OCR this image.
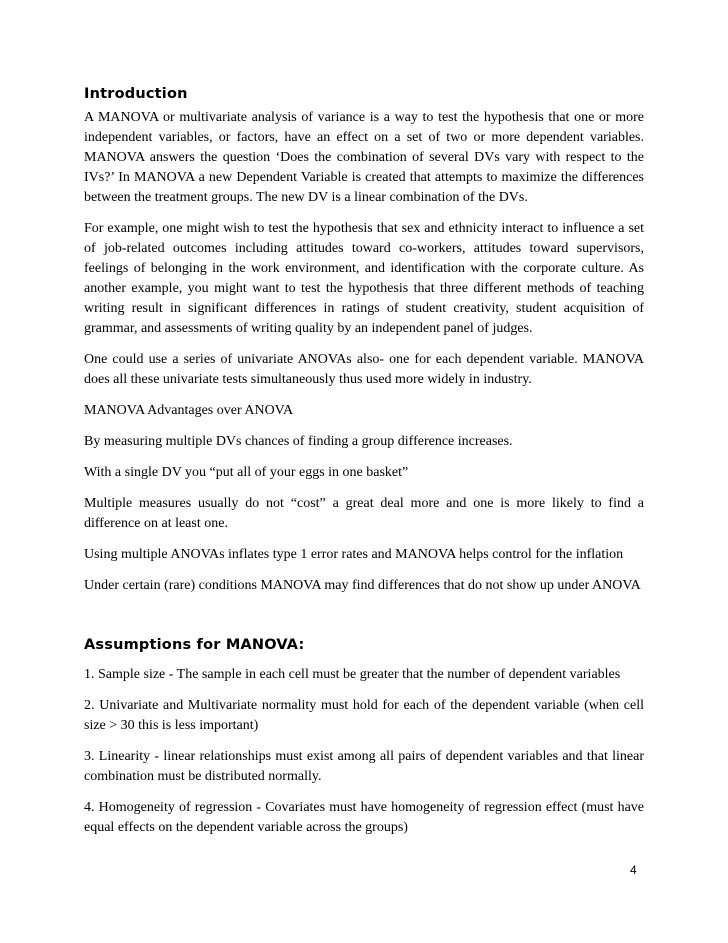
Introduction

A MANOVA or multivariate analysis of variance is a way to test the hypothesis that one or more independent variables, or factors, have an effect on a set of two or more dependent variables. MANOVA answers the question ‘Does the combination of several DVs vary with respect to the IVs?’ In MANOVA a new Dependent Variable is created that attempts to maximize the differences between the treatment groups. The new DV is a linear combination of the DVs.

For example, one might wish to test the hypothesis that sex and ethnicity interact to influence a set of job-related outcomes including attitudes toward co-workers, attitudes toward supervisors, feelings of belonging in the work environment, and identification with the corporate culture. As another example, you might want to test the hypothesis that three different methods of teaching writing result in significant differences in ratings of student creativity, student acquisition of grammar, and assessments of writing quality by an independent panel of judges.

One could use a series of univariate ANOVAs also- one for each dependent variable. MANOVA does all these univariate tests simultaneously thus used more widely in industry.

MANOVA Advantages over ANOVA

By measuring multiple DVs chances of finding a group difference increases.

With a single DV you “put all of your eggs in one basket”

Multiple measures usually do not “cost” a great deal more and one is more likely to find a difference on at least one.

Using multiple ANOVAs inflates type 1 error rates and MANOVA helps control for the inflation

Under certain (rare) conditions MANOVA may find differences that do not show up under ANOVA

Assumptions for MANOVA:

1. Sample size - The sample in each cell must be greater that the number of dependent variables

2. Univariate and Multivariate normality must hold for each of the dependent variable (when cell size > 30 this is less important)

3. Linearity - linear relationships must exist among all pairs of dependent variables and that linear combination must be distributed normally.

4. Homogeneity of regression - Covariates must have homogeneity of regression effect (must have equal effects on the dependent variable across the groups)

4
